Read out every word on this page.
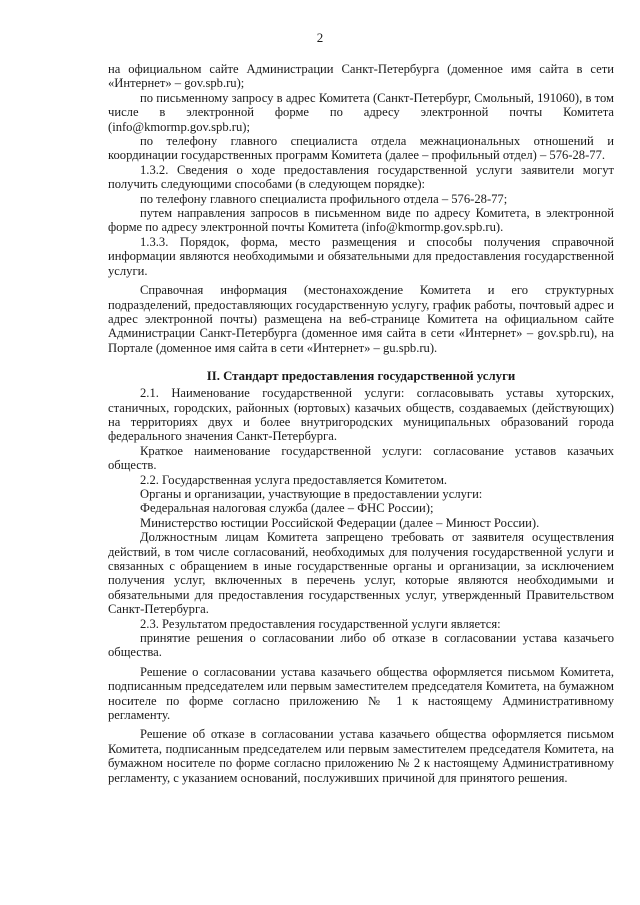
2

на официальном сайте Администрации Санкт-Петербурга (доменное имя сайта в сети «Интернет» – gov.spb.ru);

по письменному запросу в адрес Комитета (Санкт-Петербург, Смольный, 191060), в том числе в электронной форме по адресу электронной почты Комитета (info@kmormp.gov.spb.ru);

по телефону главного специалиста отдела межнациональных отношений и координации государственных программ Комитета (далее – профильный отдел) – 576-28-77.

1.3.2. Сведения о ходе предоставления государственной услуги заявители могут получить следующими способами (в следующем порядке):

по телефону главного специалиста профильного отдела – 576-28-77;

путем направления запросов в письменном виде по адресу Комитета, в электронной форме по адресу электронной почты Комитета (info@kmormp.gov.spb.ru).

1.3.3. Порядок, форма, место размещения и способы получения справочной информации являются необходимыми и обязательными для предоставления государственной услуги.

Справочная информация (местонахождение Комитета и его структурных подразделений, предоставляющих государственную услугу, график работы, почтовый адрес и адрес электронной почты) размещена на веб-странице Комитета на официальном сайте Администрации Санкт-Петербурга (доменное имя сайта в сети «Интернет» – gov.spb.ru), на Портале (доменное имя сайта в сети «Интернет» – gu.spb.ru).

II. Стандарт предоставления государственной услуги

2.1. Наименование государственной услуги: согласовывать уставы хуторских, станичных, городских, районных (юртовых) казачьих обществ, создаваемых (действующих) на территориях двух и более внутригородских муниципальных образований города федерального значения Санкт-Петербурга.

Краткое наименование государственной услуги: согласование уставов казачьих обществ.

2.2. Государственная услуга предоставляется Комитетом.

Органы и организации, участвующие в предоставлении услуги:

Федеральная налоговая служба (далее – ФНС России);

Министерство юстиции Российской Федерации (далее – Минюст России).

Должностным лицам Комитета запрещено требовать от заявителя осуществления действий, в том числе согласований, необходимых для получения государственной услуги и связанных с обращением в иные государственные органы и организации, за исключением получения услуг, включенных в перечень услуг, которые являются необходимыми и обязательными для предоставления государственных услуг, утвержденный Правительством Санкт-Петербурга.

2.3. Результатом предоставления государственной услуги является:

принятие решения о согласовании либо об отказе в согласовании устава казачьего общества.

Решение о согласовании устава казачьего общества оформляется письмом Комитета, подписанным председателем или первым заместителем председателя Комитета, на бумажном носителе по форме согласно приложению № 1 к настоящему Административному регламенту.

Решение об отказе в согласовании устава казачьего общества оформляется письмом Комитета, подписанным председателем или первым заместителем председателя Комитета, на бумажном носителе по форме согласно приложению № 2 к настоящему Административному регламенту, с указанием оснований, послуживших причиной для принятого решения.
